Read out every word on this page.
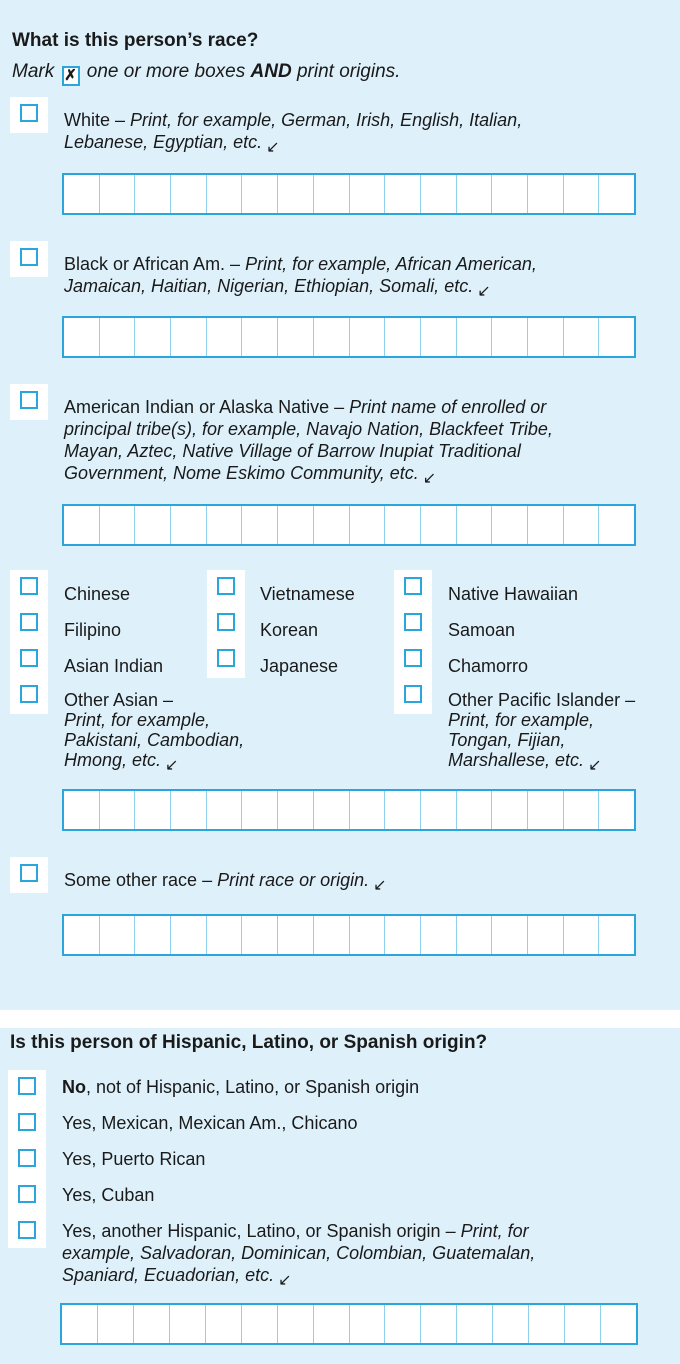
What is this person’s race?
Mark ✗ one or more boxes AND print origins.
White – Print, for example, German, Irish, English, Italian,
Lebanese, Egyptian, etc. ↙
Black or African Am. – Print, for example, African American,
Jamaican, Haitian, Nigerian, Ethiopian, Somali, etc. ↙
American Indian or Alaska Native – Print name of enrolled or
principal tribe(s), for example, Navajo Nation, Blackfeet Tribe,
Mayan, Aztec, Native Village of Barrow Inupiat Traditional
Government, Nome Eskimo Community, etc. ↙
Chinese
Filipino
Asian Indian
Other Asian –
Print, for example,
Pakistani, Cambodian,
Hmong, etc. ↙
Vietnamese
Korean
Japanese
Native Hawaiian
Samoan
Chamorro
Other Pacific Islander –
Print, for example,
Tongan, Fijian,
Marshallese, etc. ↙
Some other race – Print race or origin. ↙
Is this person of Hispanic, Latino, or Spanish origin?
No, not of Hispanic, Latino, or Spanish origin
Yes, Mexican, Mexican Am., Chicano
Yes, Puerto Rican
Yes, Cuban
Yes, another Hispanic, Latino, or Spanish origin – Print, for
example, Salvadoran, Dominican, Colombian, Guatemalan,
Spaniard, Ecuadorian, etc. ↙
